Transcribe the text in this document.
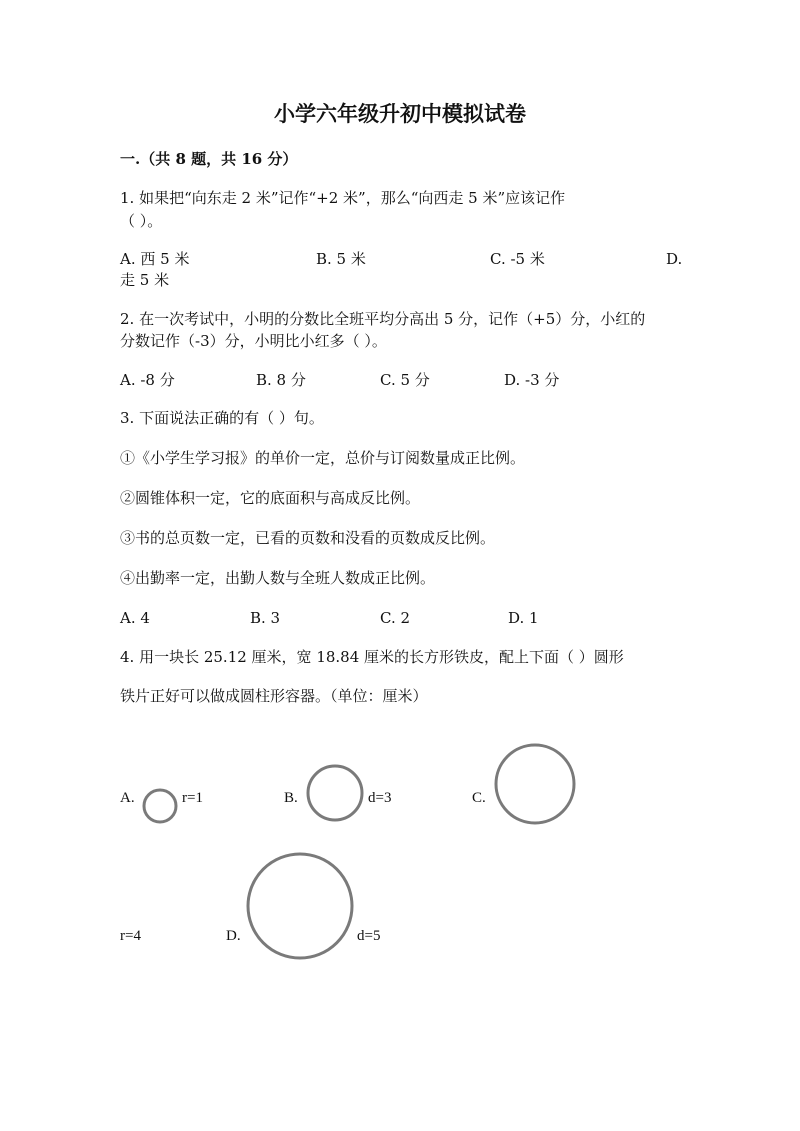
小学六年级升初中模拟试卷
一.（共 8 题，共 16 分）
1. 如果把“向东走 2 米”记作“+2 米”，那么“向西走 5 米”应该记作
（ ）。
A. 西 5 米	B. 5 米	C. -5 米	D.
走 5 米
2. 在一次考试中，小明的分数比全班平均分高出 5 分，记作（+5）分，小红的
分数记作（-3）分，小明比小红多（ ）。
A. -8 分	B. 8 分	C. 5 分	D. -3 分
3. 下面说法正确的有（ ）句。
①《小学生学习报》的单价一定，总价与订阅数量成正比例。
②圆锥体积一定，它的底面积与高成反比例。
③书的总页数一定，已看的页数和没看的页数成反比例。
④出勤率一定，出勤人数与全班人数成正比例。
A. 4	B. 3	C. 2	D. 1
4. 用一块长 25.12 厘米，宽 18.84 厘米的长方形铁皮，配上下面（ ）圆形
铁片正好可以做成圆柱形容器。（单位：厘米）
A.	r=1	B.	d=3	C.
r=4	D.	d=5
